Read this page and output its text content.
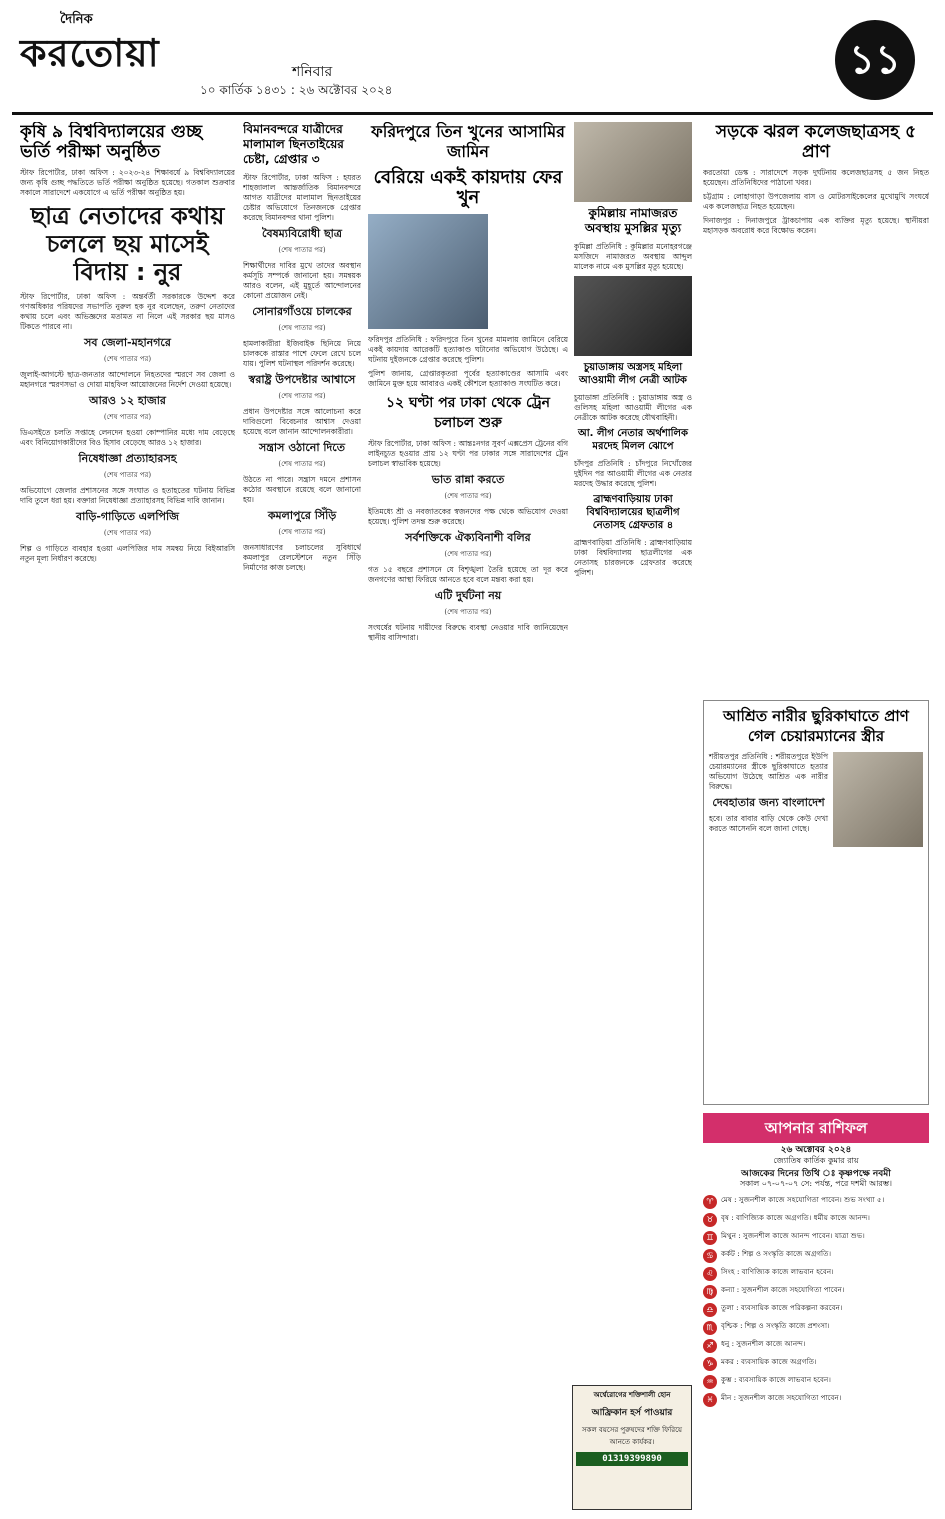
দৈনিক
করতোয়া	শনিবার
১০ কার্তিক ১৪৩১ : ২৬ অক্টোবর ২০২৪
১১
কৃষি ৯ বিশ্ববিদ্যালয়ের গুচ্ছ ভর্তি পরীক্ষা অনুষ্ঠিত

স্টাফ রিপোর্টার, ঢাকা অফিস : ২০২৩-২৪ শিক্ষাবর্ষে ৯ বিশ্ববিদ্যালয়ের জন্য কৃষি গুচ্ছ পদ্ধতিতে ভর্তি পরীক্ষা অনুষ্ঠিত হয়েছে। গতকাল শুক্রবার সকালে সারাদেশে একযোগে এ ভর্তি পরীক্ষা অনুষ্ঠিত হয়।

ছাত্র নেতাদের কথায় চললে ছয় মাসেই বিদায় : নুর

স্টাফ রিপোর্টার, ঢাকা অফিস : অন্তর্বর্তী সরকারকে উদ্দেশ করে গণঅধিকার পরিষদের সভাপতি নুরুল হক নুর বলেছেন, তরুণ নেতাদের কথায় চলে এবং অভিজ্ঞদের মতামত না নিলে এই সরকার ছয় মাসও টিকতে পারবে না।

সব জেলা-মহানগরে
(শেষ পাতার পর)

জুলাই-আগস্টে ছাত্র-জনতার আন্দোলনে নিহতদের স্মরণে সব জেলা ও মহানগরে স্মরণসভা ও দোয়া মাহফিল আয়োজনের নির্দেশ দেওয়া হয়েছে।

আরও ১২ হাজার
(শেষ পাতার পর)

ডিএসইতে চলতি সপ্তাহে লেনদেন হওয়া কোম্পানির মধ্যে দাম বেড়েছে এবং বিনিয়োগকারীদের বিও হিসাব বেড়েছে আরও ১২ হাজার।

নিষেধাজ্ঞা প্রত্যাহারসহ
(শেষ পাতার পর)

অভিযোগে জেলার প্রশাসনের সঙ্গে সংঘাত ও হতাহতের ঘটনায় বিভিন্ন দাবি তুলে ধরা হয়। বক্তারা নিষেধাজ্ঞা প্রত্যাহারসহ বিভিন্ন দাবি জানান।

বাড়ি-গাড়িতে এলপিজি
(শেষ পাতার পর)

শিল্প ও গাড়িতে ব্যবহার হওয়া এলপিজির দাম সমন্বয় নিয়ে বিইআরসি নতুন মূল্য নির্ধারণ করেছে।

বিমানবন্দরে যাত্রীদের মালামাল ছিনতাইয়ের চেষ্টা, গ্রেপ্তার ৩

স্টাফ রিপোর্টার, ঢাকা অফিস : হযরত শাহজালাল আন্তর্জাতিক বিমানবন্দরে আগত যাত্রীদের মালামাল ছিনতাইয়ের চেষ্টার অভিযোগে তিনজনকে গ্রেপ্তার করেছে বিমানবন্দর থানা পুলিশ।

বৈষম্যবিরোধী ছাত্র
(শেষ পাতার পর)

শিক্ষার্থীদের দাবির মুখে তাদের অবস্থান কর্মসূচি সম্পর্কে জানানো হয়। সমন্বয়ক আরও বলেন, এই মুহূর্তে আন্দোলনের কোনো প্রয়োজন নেই।

সোনারগাঁওয়ে চালকের
(শেষ পাতার পর)

হামলাকারীরা ইজিবাইক ছিনিয়ে নিয়ে চালককে রাস্তার পাশে ফেলে রেখে চলে যায়। পুলিশ ঘটনাস্থল পরিদর্শন করেছে।

স্বরাষ্ট্র উপদেষ্টার আশ্বাসে
(শেষ পাতার পর)

প্রধান উপদেষ্টার সঙ্গে আলোচনা করে দাবিগুলো বিবেচনার আশ্বাস দেওয়া হয়েছে বলে জানান আন্দোলনকারীরা।

সন্ত্রাস ওঠানো দিতে
(শেষ পাতার পর)

উঠতে না পারে। সন্ত্রাস দমনে প্রশাসন কঠোর অবস্থানে রয়েছে বলে জানানো হয়।

কমলাপুরে সিঁড়ি
(শেষ পাতার পর)

জনসাধারণের চলাচলের সুবিধার্থে কমলাপুর রেলস্টেশনে নতুন সিঁড়ি নির্মাণের কাজ চলছে।

ফরিদপুরে তিন খুনের আসামির জামিন
বেরিয়ে একই কায়দায় ফের খুন

ফরিদপুর প্রতিনিধি : ফরিদপুরে তিন খুনের মামলায় জামিনে বেরিয়ে একই কায়দায় আরেকটি হত্যাকাণ্ড ঘটানোর অভিযোগ উঠেছে। এ ঘটনায় দুইজনকে গ্রেপ্তার করেছে পুলিশ।

পুলিশ জানায়, গ্রেপ্তারকৃতরা পূর্বের হত্যাকাণ্ডের আসামি এবং জামিনে মুক্ত হয়ে আবারও একই কৌশলে হত্যাকাণ্ড সংঘটিত করে।

১২ ঘণ্টা পর ঢাকা থেকে ট্রেন চলাচল শুরু

স্টাফ রিপোর্টার, ঢাকা অফিস : আন্তঃনগর সুবর্ণ এক্সপ্রেস ট্রেনের বগি লাইনচ্যুত হওয়ার প্রায় ১২ ঘণ্টা পর ঢাকার সঙ্গে সারাদেশের ট্রেন চলাচল স্বাভাবিক হয়েছে।

ভাত রান্না করতে
(শেষ পাতার পর)

ইতিমধ্যে শ্রী ও নবজাতকের স্বজনদের পক্ষ থেকে অভিযোগ দেওয়া হয়েছে। পুলিশ তদন্ত শুরু করেছে।

সর্বশক্তিকে ঐক্যবিনাশী বলির
(শেষ পাতার পর)

গত ১৫ বছরে প্রশাসনে যে বিশৃঙ্খলা তৈরি হয়েছে তা দূর করে জনগণের আস্থা ফিরিয়ে আনতে হবে বলে মন্তব্য করা হয়।

এটি দুর্ঘটনা নয়
(শেষ পাতার পর)

সংঘর্ষের ঘটনায় দায়ীদের বিরুদ্ধে ব্যবস্থা নেওয়ার দাবি জানিয়েছেন স্থানীয় বাসিন্দারা।

কুমিল্লায় নামাজরত অবস্থায় মুসল্লির মৃত্যু

কুমিল্লা প্রতিনিধি : কুমিল্লার মনোহরগঞ্জে মসজিদে নামাজরত অবস্থায় আব্দুল মালেক নামে এক মুসল্লির মৃত্যু হয়েছে।

চুয়াডাঙ্গায় অস্ত্রসহ মহিলা আওয়ামী লীগ নেত্রী আটক

চুয়াডাঙ্গা প্রতিনিধি : চুয়াডাঙ্গায় অস্ত্র ও গুলিসহ মহিলা আওয়ামী লীগের এক নেত্রীকে আটক করেছে যৌথবাহিনী।

আ. লীগ নেতার অর্থশালিক মরদেহ মিলল ঝোপে

চাঁদপুর প্রতিনিধি : চাঁদপুরে নিখোঁজের দুইদিন পর আওয়ামী লীগের এক নেতার মরদেহ উদ্ধার করেছে পুলিশ।

ব্রাহ্মণবাড়িয়ায় ঢাকা বিশ্ববিদ্যালয়ের ছাত্রলীগ নেতাসহ গ্রেফতার ৪

ব্রাহ্মণবাড়িয়া প্রতিনিধি : ব্রাহ্মণবাড়িয়ায় ঢাকা বিশ্ববিদ্যালয় ছাত্রলীগের এক নেতাসহ চারজনকে গ্রেফতার করেছে পুলিশ।

অর্শ্বেরোগের শক্তিশালী হোন
আফ্রিকান হর্স পাওয়ার
সকল বয়সের পুরুষদের শক্তি ফিরিয়ে আনতে কার্যকর।
01319399890
সড়কে ঝরল কলেজছাত্রসহ ৫ প্রাণ

করতোয়া ডেস্ক : সারাদেশে সড়ক দুর্ঘটনায় কলেজছাত্রসহ ৫ জন নিহত হয়েছেন। প্রতিনিধিদের পাঠানো খবর।

চট্টগ্রাম : লোহাগাড়া উপজেলায় বাস ও মোটরসাইকেলের মুখোমুখি সংঘর্ষে এক কলেজছাত্র নিহত হয়েছেন।

দিনাজপুর : দিনাজপুরে ট্রাকচাপায় এক ব্যক্তির মৃত্যু হয়েছে। স্থানীয়রা মহাসড়ক অবরোধ করে বিক্ষোভ করেন।

আশ্রিত নারীর ছুরিকাঘাতে প্রাণ গেল চেয়ারম্যানের স্ত্রীর

শরীয়তপুর প্রতিনিধি : শরীয়তপুরে ইউপি চেয়ারম্যানের স্ত্রীকে ছুরিকাঘাতে হত্যার অভিযোগ উঠেছে আশ্রিত এক নারীর বিরুদ্ধে।

দেবহাতার জন্য বাংলাদেশ

হবে। তার বাবার বাড়ি থেকে কেউ দেখা করতে আসেননি বলে জানা গেছে।

আপনার রাশিফল
২৬ অক্টোবর ২০২৪
জ্যোতিষ কার্তিক কুমার রায়
আজকের দিনের তিথি ঃ কৃষ্ণপক্ষে নবমী
সকাল ০৭-০৭-০৭ সে: পর্যন্ত, পরে দশমী আরম্ভ।
♈	মেষ : সুজনশীল কাজে সহযোগিতা পাবেন। শুভ সংখ্যা ৫।
♉	বৃষ : বাণিজ্যিক কাজে অগ্রগতি। ধর্মীয় কাজে আনন্দ।
♊	মিথুন : সুজনশীল কাজে আনন্দ পাবেন। যাত্রা শুভ।
♋	কর্কট : শিল্প ও সংস্কৃতি কাজে অগ্রগতি।
♌	সিংহ : বাণিজ্যিক কাজে লাভবান হবেন।
♍	কন্যা : সুজনশীল কাজে সহযোগিতা পাবেন।
♎	তুলা : ব্যবসায়িক কাজে পরিকল্পনা করবেন।
♏	বৃশ্চিক : শিল্প ও সংস্কৃতি কাজে প্রশংসা।
♐	ধনু : সুজনশীল কাজে আনন্দ।
♑	মকর : ব্যবসায়িক কাজে অগ্রগতি।
♒	কুম্ভ : ব্যবসায়িক কাজে লাভবান হবেন।
♓	মীন : সুজনশীল কাজে সহযোগিতা পাবেন।
